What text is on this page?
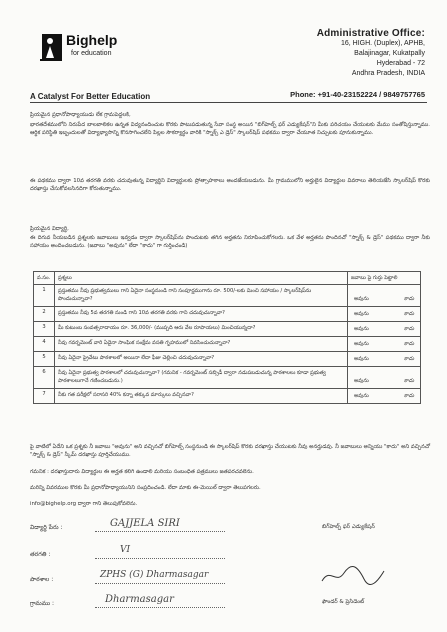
Bighelp
for education
A Catalyst For Better Education
Administrative Office:
16, HIGH. (Duplex), APHB,
Balajinagar, Kukatpally
Hyderabad - 72
Andhra Pradesh, INDIA
Phone: +91-40-23152224 / 9849757765
ప్రియమైన ప్రధానోపాధ్యాయుడు లేక గ్రామపెద్దలకి,
భారతదేశములోని నిరుపేద బాలబాలికల ఉన్నత విద్యనందించుట కొరకు పాటుపడుతున్న సేవా సంస్థ అయిన "బిగ్‌హెల్ప్ ఫర్ ఎడ్యుకేషన్"ని మీకు పరిచయం చేయుటకు మేము సంతోషిస్తున్నాము. ఆర్థిక పరిస్థితి ఇబ్బందులతో విద్యాభ్యాసాన్ని కొనసాగించలేని పిల్లల సౌకర్యార్థం వారికి "స్నాక్స్ ఎ డ్రెస్" స్కాలర్‌షిప్ పథకము ద్వారా చేయూత నిచ్చుటకు పూనుకున్నాము.
ఈ పథకము ద్వారా 10వ తరగతి వరకు చదువుతున్న విద్యార్థిని విద్యార్థులకు ప్రోత్సాహకాలు అందజేయబడును. మీ గ్రామములోని అర్హులైన విద్యార్థుల వివరాలు తెలియజేసి స్కాలర్‌షిప్ కొరకు దరఖాస్తు చేసుకోవలసినదిగా కోరుతున్నాము.
ప్రియమైన విద్యార్థి,
ఈ దిగువ నీయబడిన ప్రశ్నలకు జవాబులు ఇవ్వడం ద్వారా స్కాలర్‌షిప్‌ను పొందుటకు తగిన అర్హతను నిరూపించుకోగలరు. ఒక వేళ అర్హతను పొందినచో "స్నాక్స్ & డ్రెస్" పథకము ద్వారా నీకు సహాయం అందించబడును. (జవాబు "అవును" లేదా "కాదు" గా గుర్తించండి)
వ.సం.	ప్రశ్నలు	జవాబు పై గుర్తు పెట్టాలి
1	ప్రస్తుతము నీవు ప్రభుత్వములు గాని ఏదైనా సంస్థనుండి గాని సంపూర్ణముగాను రూ. 500/-లకు మించి సహాయం / స్కాలర్‌షిప్‌ను పొందుచున్నావా?	అవును కాదు

2	ప్రస్తుతము నీవు 5వ తరగతి నుండి గాని 10వ తరగతి వరకు గాని చదువుచున్నావా?	అవును కాదు

3	మీ కుటుంబ సంవత్సరాదాయం రూ. 36,000/- (ముప్పది ఆరు వేల రూపాయలు) మించియున్నదా?	అవును కాదు

4	నీవు గవర్నమెంట్ వారి ఏదైనా సాంఘిక సంక్షేమ వసతి గృహములో నివసించుచున్నావా?	అవును కాదు

5	నీవు ఏదైనా ప్రైవేటు పాఠశాలలో అయినా లేదా ఫీజు చెల్లించి చదువుచున్నావా?	అవును కాదు

6	నీవు ఏదైనా ప్రభుత్వ పాఠశాలలో చదువుచున్నావా? (గమనిక - గవర్నమెంట్ సబ్సిడీ ద్వారా నడుపబడుచున్న పాఠశాలలు కూడా ప్రభుత్వ పాఠశాలలుగానే గణించబడును.)	అవును కాదు

7	నీకు గత పరీక్షలో సరాసరి 40% కన్నా తక్కువ మార్కులు వచ్చినవా?	అవును కాదు
పై వాటిలో ఏదేని ఒక ప్రశ్నకు నీ జవాబు "అవును" అని వచ్చినచో బిగ్‌హెల్ప్ సంస్థనుండి ఈ స్కాలర్‌షిప్ కొరకు దరఖాస్తు చేయుటకు నీవు అనర్హుడవు. నీ జవాబులు అన్నియు "కాదు" అని వచ్చినచో "స్నాక్స్ & డ్రెస్" స్కీమ్ దరఖాస్తు పూర్తిచేయుము.
గమనిక : దరఖాస్తుదారు విద్యార్థుల ఈ అర్హత కలిగి ఉండాలి మరియు సంబంధిత పత్రములు జతపరచవలెను.
మరిన్ని వివరముల కొరకు మీ ప్రధానోపాధ్యాయునిని సంప్రదించండి. లేదా మాకు ఈ-మెయిల్ ద్వారా తెలుపగలరు.
info@bighelp.org ద్వారా గాని తెలుపుకోవలెను.
విద్యార్థి పేరు :	GAJJELA SIRI
తరగతి :	VI
పాఠశాల :	ZPHS (G) Dharmasagar
గ్రామము :	Dharmasagar
బిగ్‌హెల్ప్ ఫర్ ఎడ్యుకేషన్
ఫౌండర్ & ప్రెసిడెంట్
